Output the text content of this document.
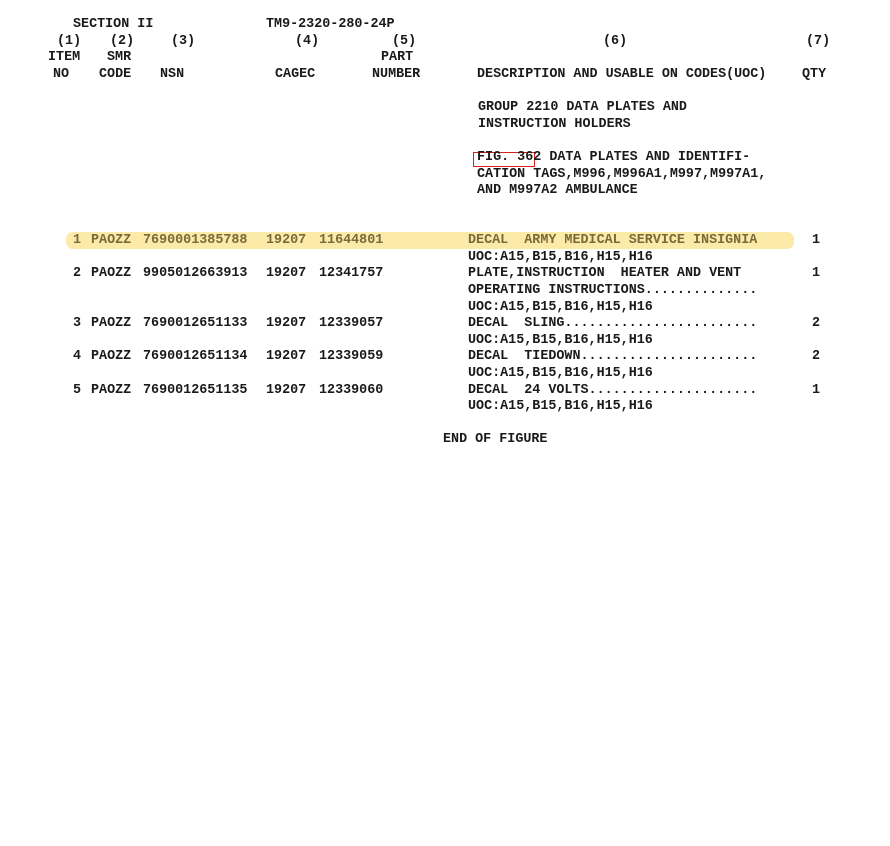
SECTION II	TM9-2320-280-24P
(1) (2)	(3)	(4)	(5)	(6)	(7)
ITEM SMR	PART
NO CODE NSN	CAGEC	NUMBER	DESCRIPTION AND USABLE ON CODES(UOC)	QTY
GROUP 2210 DATA PLATES AND
INSTRUCTION HOLDERS
FIG. 362 DATA PLATES AND IDENTIFI-
CATION TAGS,M996,M996A1,M997,M997A1,
AND M997A2 AMBULANCE
1 PAOZZ 7690001385788 19207 11644801	DECAL  ARMY MEDICAL SERVICE INSIGNIA	1
UOC:A15,B15,B16,H15,H16
2 PAOZZ 9905012663913 19207 12341757	PLATE,INSTRUCTION  HEATER AND VENT	1
OPERATING INSTRUCTIONS..............
UOC:A15,B15,B16,H15,H16
3 PAOZZ 7690012651133 19207 12339057	DECAL  SLING........................	2
UOC:A15,B15,B16,H15,H16
4 PAOZZ 7690012651134 19207 12339059	DECAL  TIEDOWN......................	2
UOC:A15,B15,B16,H15,H16
5 PAOZZ 7690012651135 19207 12339060	DECAL  24 VOLTS.....................	1
UOC:A15,B15,B16,H15,H16
END OF FIGURE
